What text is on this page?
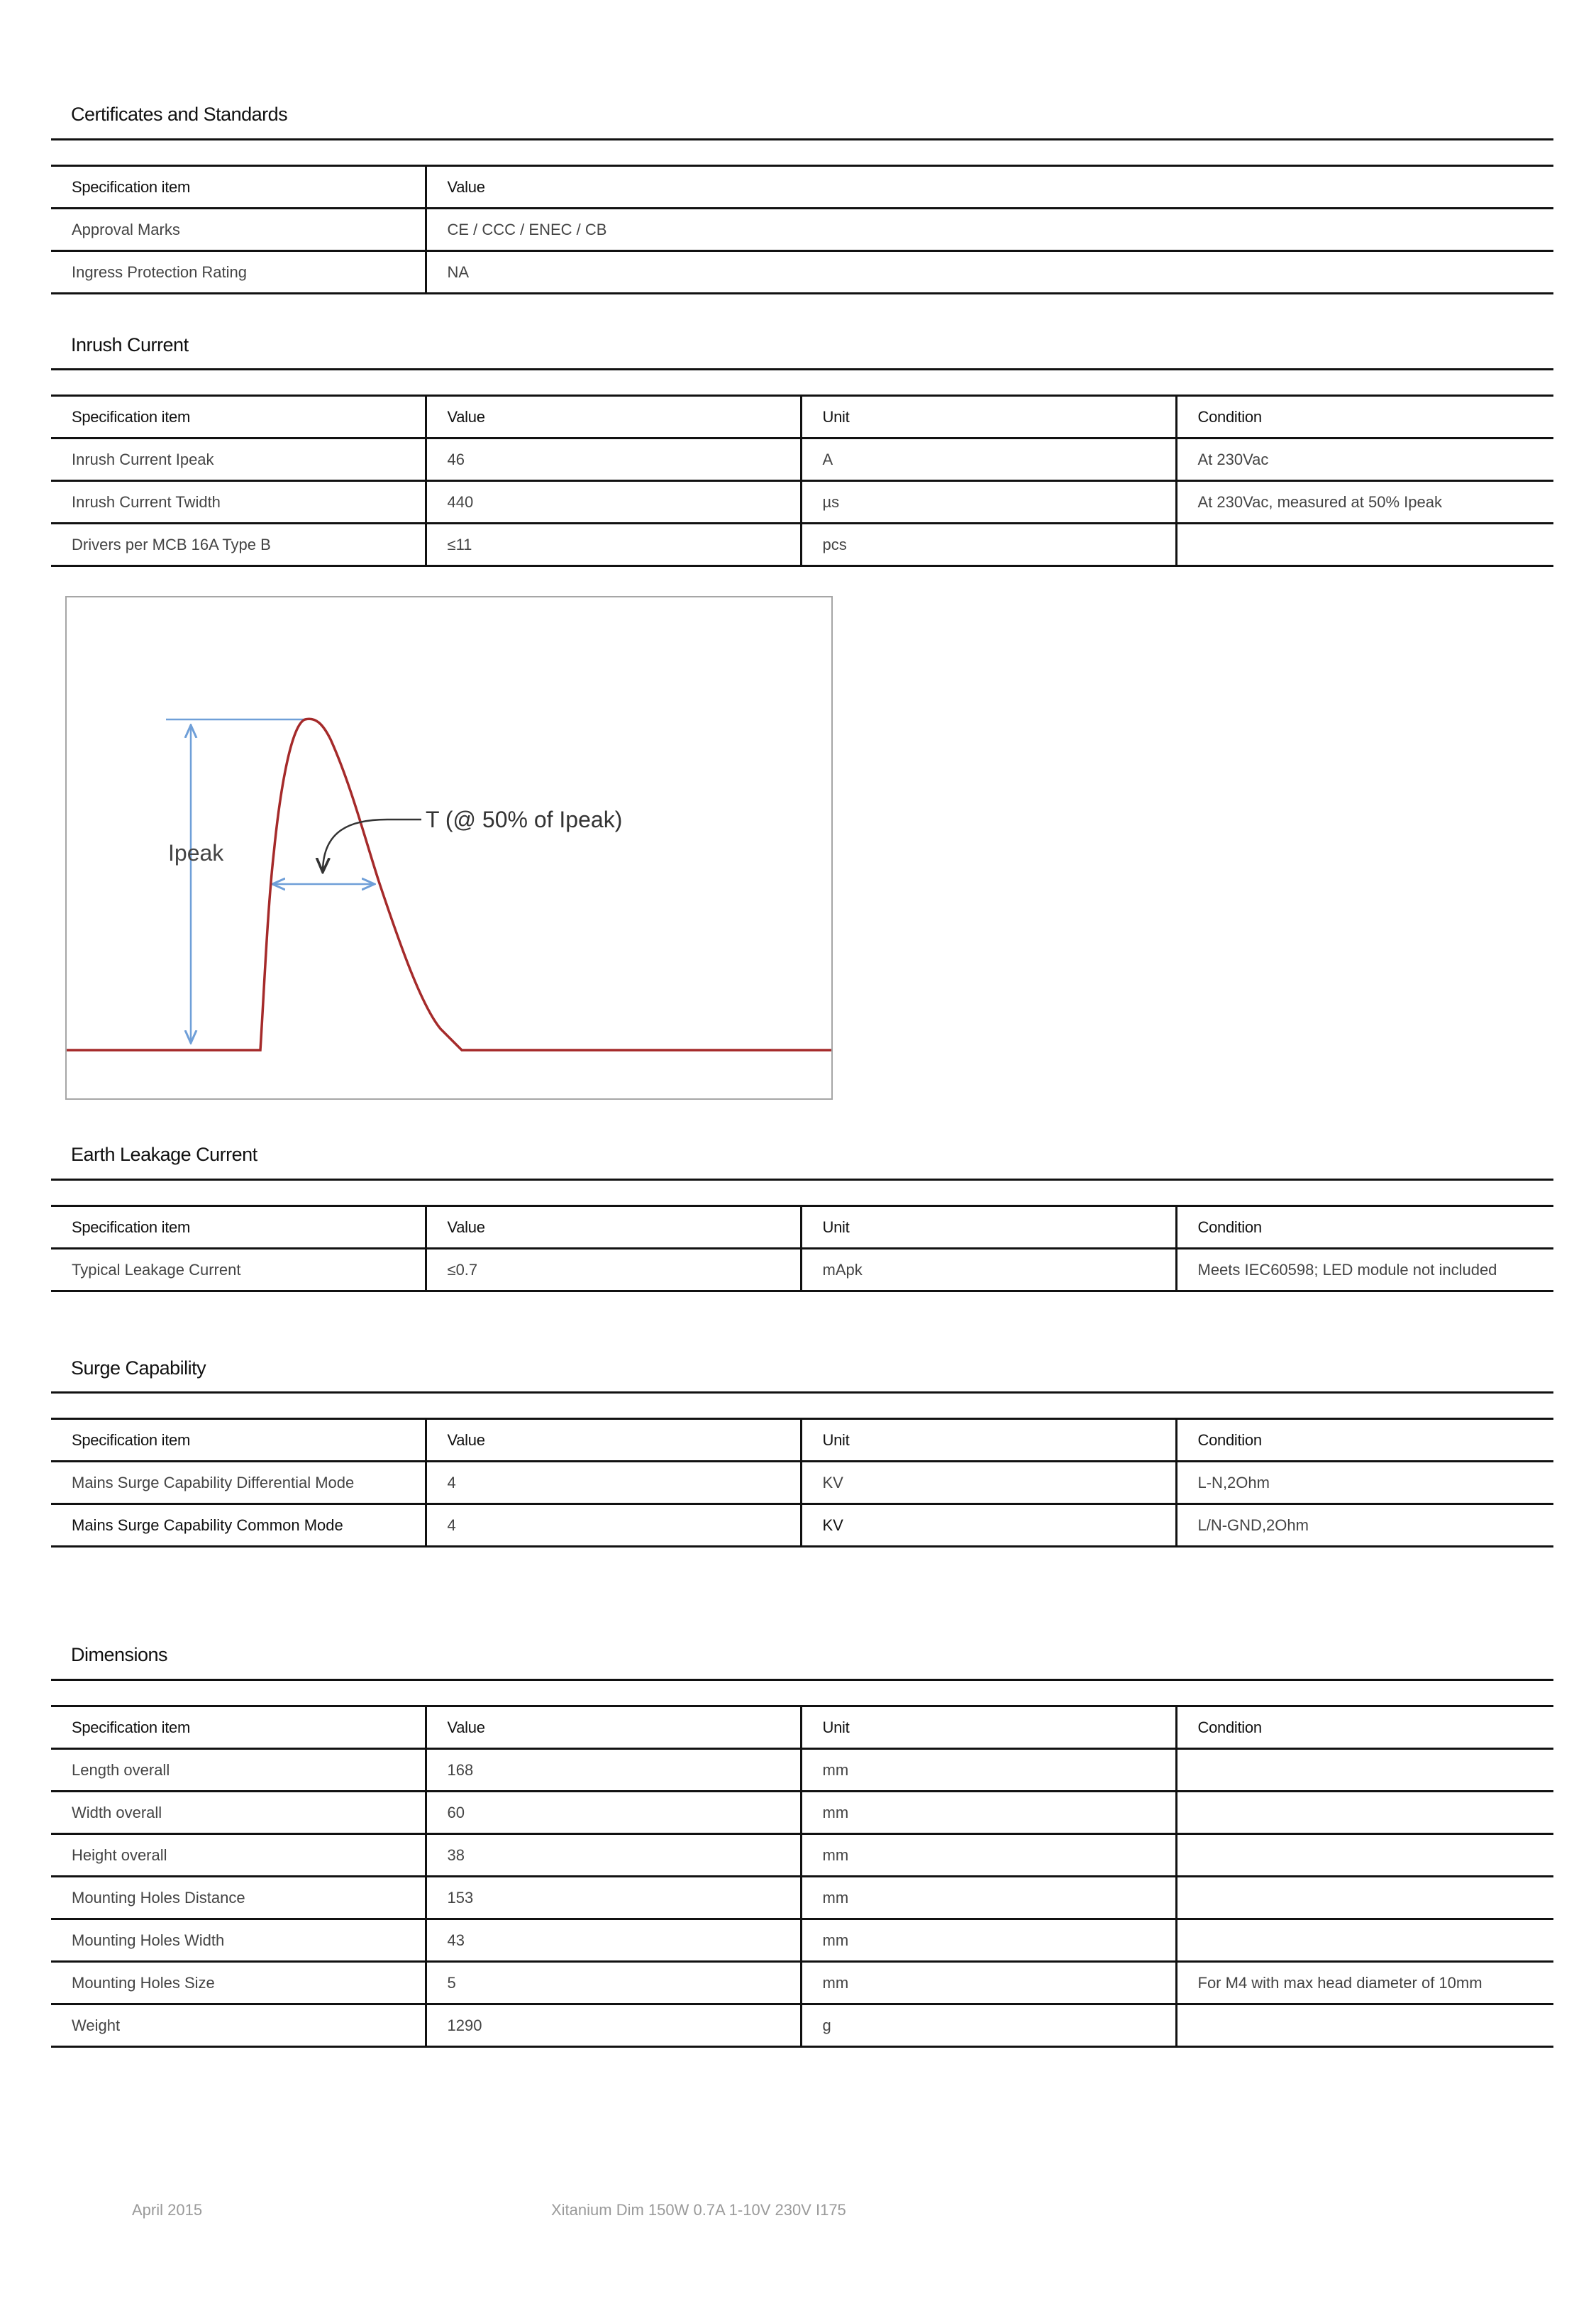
Certificates and Standards
Specification item	Value
Approval Marks	CE / CCC / ENEC / CB
Ingress Protection Rating	NA
Inrush Current
Specification item	Value	Unit	Condition
Inrush Current Ipeak	46	A	At 230Vac
Inrush Current Twidth	440	µs	At 230Vac, measured at 50% Ipeak
Drivers per MCB 16A Type B	≤11	pcs	
Ipeak
T (@ 50% of Ipeak)
Earth Leakage Current
Specification item	Value	Unit	Condition
Typical Leakage Current	≤0.7	mApk	Meets IEC60598; LED module not included
Surge Capability
Specification item	Value	Unit	Condition
Mains Surge Capability Differential Mode	4	KV	L-N,2Ohm
Mains Surge Capability Common Mode	4	KV	L/N-GND,2Ohm
Dimensions
Specification item	Value	Unit	Condition
Length overall	168	mm	
Width overall	60	mm	
Height overall	38	mm	
Mounting Holes Distance	153	mm	
Mounting Holes Width	43	mm	
Mounting Holes Size	5	mm	For M4 with max head diameter of 10mm
Weight	1290	g	
April 2015	Xitanium Dim 150W 0.7A 1-10V 230V I175
